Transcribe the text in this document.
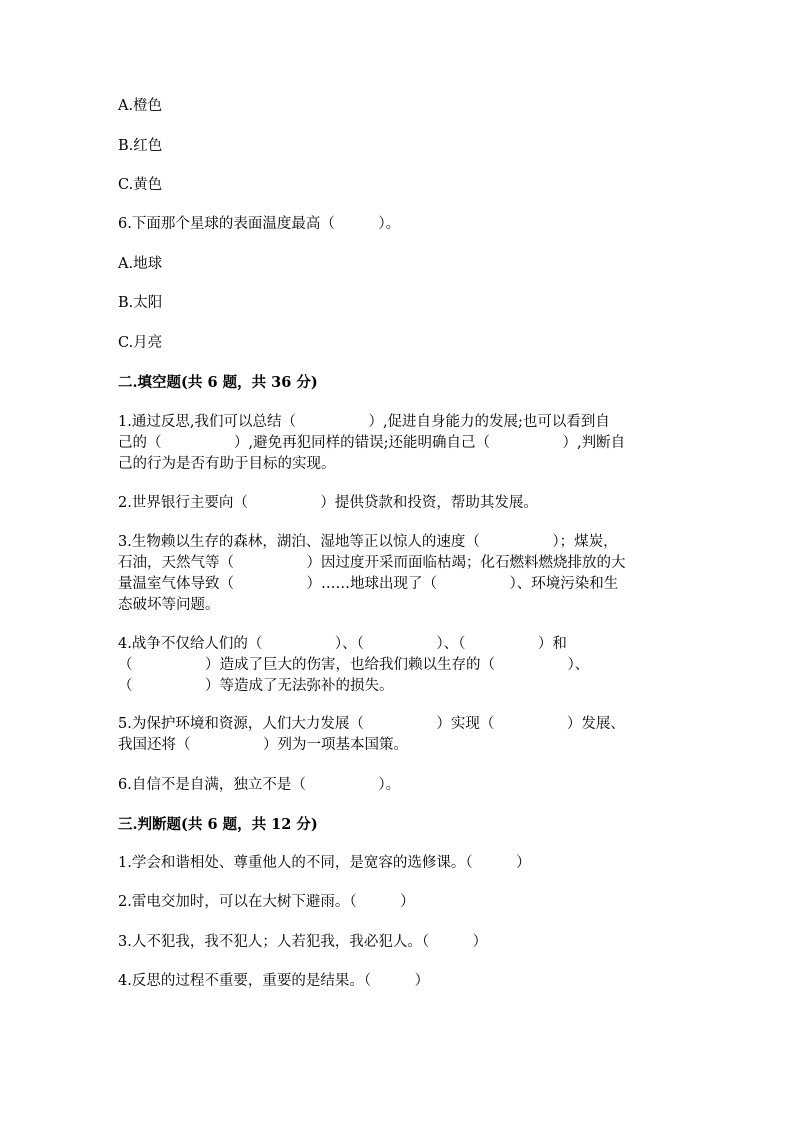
A.橙色
B.红色
C.黄色
6.下面那个星球的表面温度最高（　　　）。
A.地球
B.太阳
C.月亮
二.填空题(共 6 题，共 36 分)
1.通过反思,我们可以总结（　　　　　）,促进自身能力的发展;也可以看到自
己的（　　　　　）,避免再犯同样的错误;还能明确自己（　　　　　）,判断自
己的行为是否有助于目标的实现。
2.世界银行主要向（　　　　　）提供贷款和投资，帮助其发展。
3.生物赖以生存的森林，湖泊、湿地等正以惊人的速度（　　　　　）；煤炭，
石油，天然气等（　　　　　）因过度开采而面临枯竭；化石燃料燃烧排放的大
量温室气体导致（　　　　　）……地球出现了（　　　　　）、环境污染和生
态破坏等问题。
4.战争不仅给人们的（　　　　　）、（　　　　　）、（　　　　　）和
（　　　　　）造成了巨大的伤害，也给我们赖以生存的（　　　　　）、
（　　　　　）等造成了无法弥补的损失。
5.为保护环境和资源，人们大力发展（　　　　　）实现（　　　　　）发展、
我国还将（　　　　　）列为一项基本国策。
6.自信不是自满，独立不是（　　　　　）。
三.判断题(共 6 题，共 12 分)
1.学会和谐相处、尊重他人的不同，是宽容的选修课。（　　　）
2.雷电交加时，可以在大树下避雨。（　　　）
3.人不犯我，我不犯人；人若犯我，我必犯人。（　　　）
4.反思的过程不重要，重要的是结果。（　　　）
